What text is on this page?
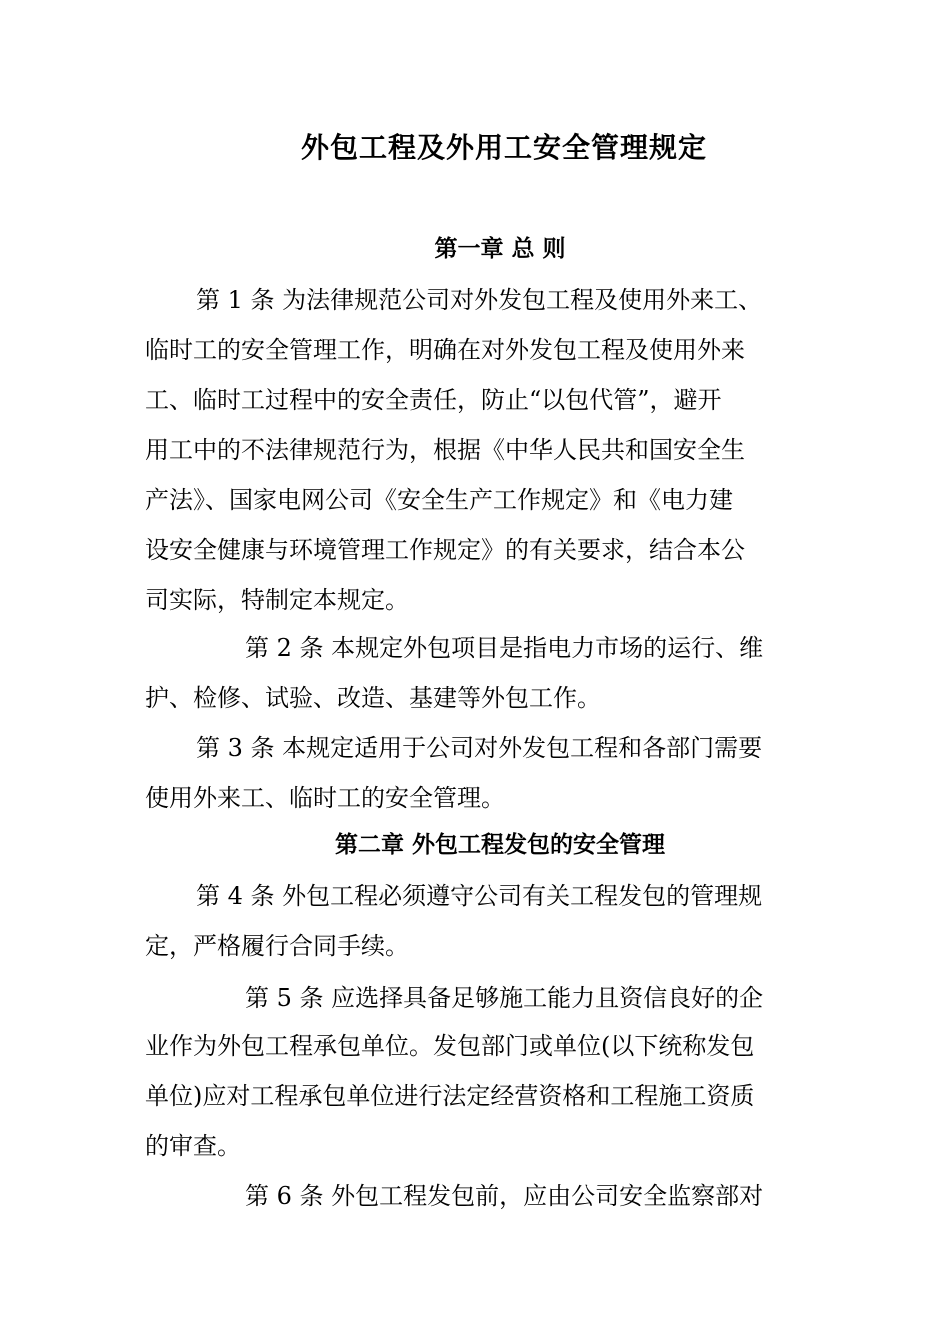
外包工程及外用工安全管理规定
第一章 总 则

第 1 条 为法律规范公司对外发包工程及使用外来工、

临时工的安全管理工作，明确在对外发包工程及使用外来

工、临时工过程中的安全责任，防止“以包代管”，避开

用工中的不法律规范行为，根据《中华人民共和国安全生

产法》、国家电网公司《安全生产工作规定》和《电力建

设安全健康与环境管理工作规定》的有关要求，结合本公

司实际，特制定本规定。

第 2 条 本规定外包项目是指电力市场的运行、维

护、检修、试验、改造、基建等外包工作。

第 3 条 本规定适用于公司对外发包工程和各部门需要

使用外来工、临时工的安全管理。

第二章 外包工程发包的安全管理

第 4 条 外包工程必须遵守公司有关工程发包的管理规

定，严格履行合同手续。

第 5 条 应选择具备足够施工能力且资信良好的企

业作为外包工程承包单位。发包部门或单位(以下统称发包

单位)应对工程承包单位进行法定经营资格和工程施工资质

的审查。

第 6 条 外包工程发包前，应由公司安全监察部对
